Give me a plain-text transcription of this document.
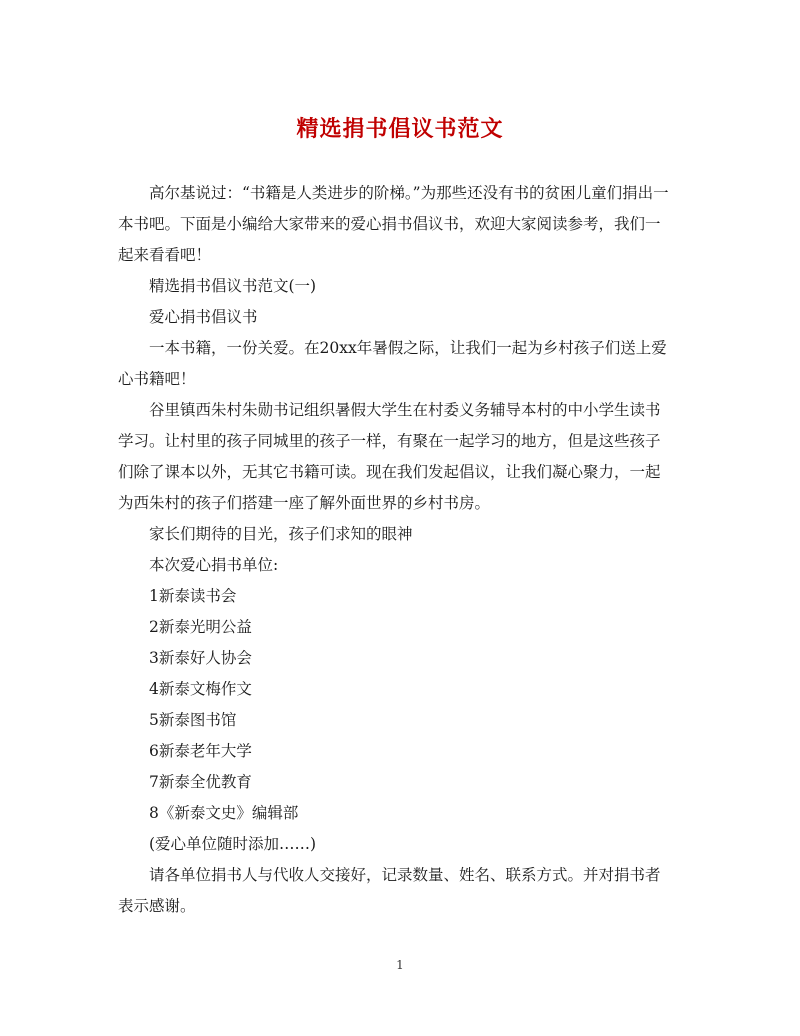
精选捐书倡议书范文

高尔基说过：“书籍是人类进步的阶梯。”为那些还没有书的贫困儿童们捐出一本书吧。下面是小编给大家带来的爱心捐书倡议书，欢迎大家阅读参考，我们一起来看看吧！

精选捐书倡议书范文(一)

爱心捐书倡议书

一本书籍，一份关爱。在20xx年暑假之际，让我们一起为乡村孩子们送上爱心书籍吧！

谷里镇西朱村朱勋书记组织暑假大学生在村委义务辅导本村的中小学生读书学习。让村里的孩子同城里的孩子一样，有聚在一起学习的地方，但是这些孩子们除了课本以外，无其它书籍可读。现在我们发起倡议，让我们凝心聚力，一起为西朱村的孩子们搭建一座了解外面世界的乡村书房。

家长们期待的目光，孩子们求知的眼神

本次爱心捐书单位:

1新泰读书会

2新泰光明公益

3新泰好人协会

4新泰文梅作文

5新泰图书馆

6新泰老年大学

7新泰全优教育

8《新泰文史》编辑部

(爱心单位随时添加……)

请各单位捐书人与代收人交接好，记录数量、姓名、联系方式。并对捐书者表示感谢。

1
